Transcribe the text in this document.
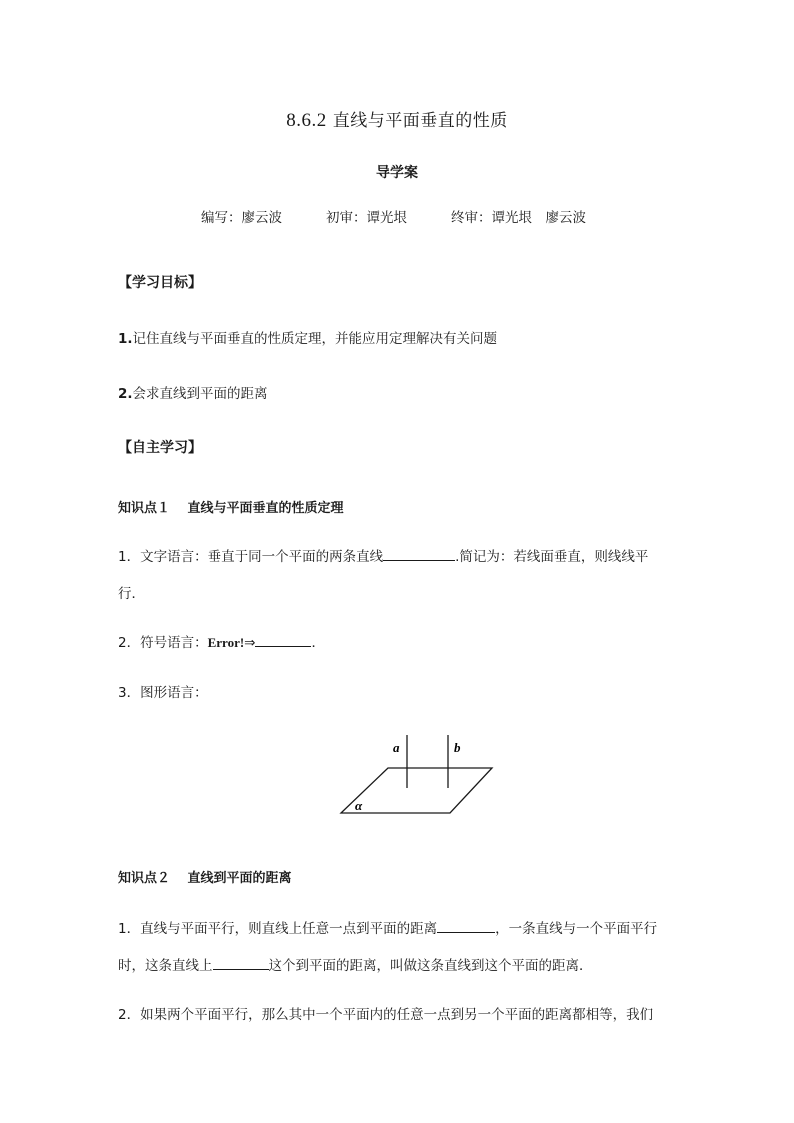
8.6.2 直线与平面垂直的性质
导学案
编写：廖云波	初审：谭光垠	终审：谭光垠　廖云波
【学习目标】
1.记住直线与平面垂直的性质定理，并能应用定理解决有关问题
2.会求直线到平面的距离
【自主学习】
知识点１　 直线与平面垂直的性质定理
1．文字语言：垂直于同一个平面的两条直线	.简记为：若线面垂直，则线线平
行．
2．符号语言：Error!⇒	．
3．图形语言：
a	b
α
知识点２　 直线到平面的距离
1．直线与平面平行，则直线上任意一点到平面的距离	，一条直线与一个平面平行
时，这条直线上	这个到平面的距离，叫做这条直线到这个平面的距离．
2．如果两个平面平行，那么其中一个平面内的任意一点到另一个平面的距离都相等，我们
